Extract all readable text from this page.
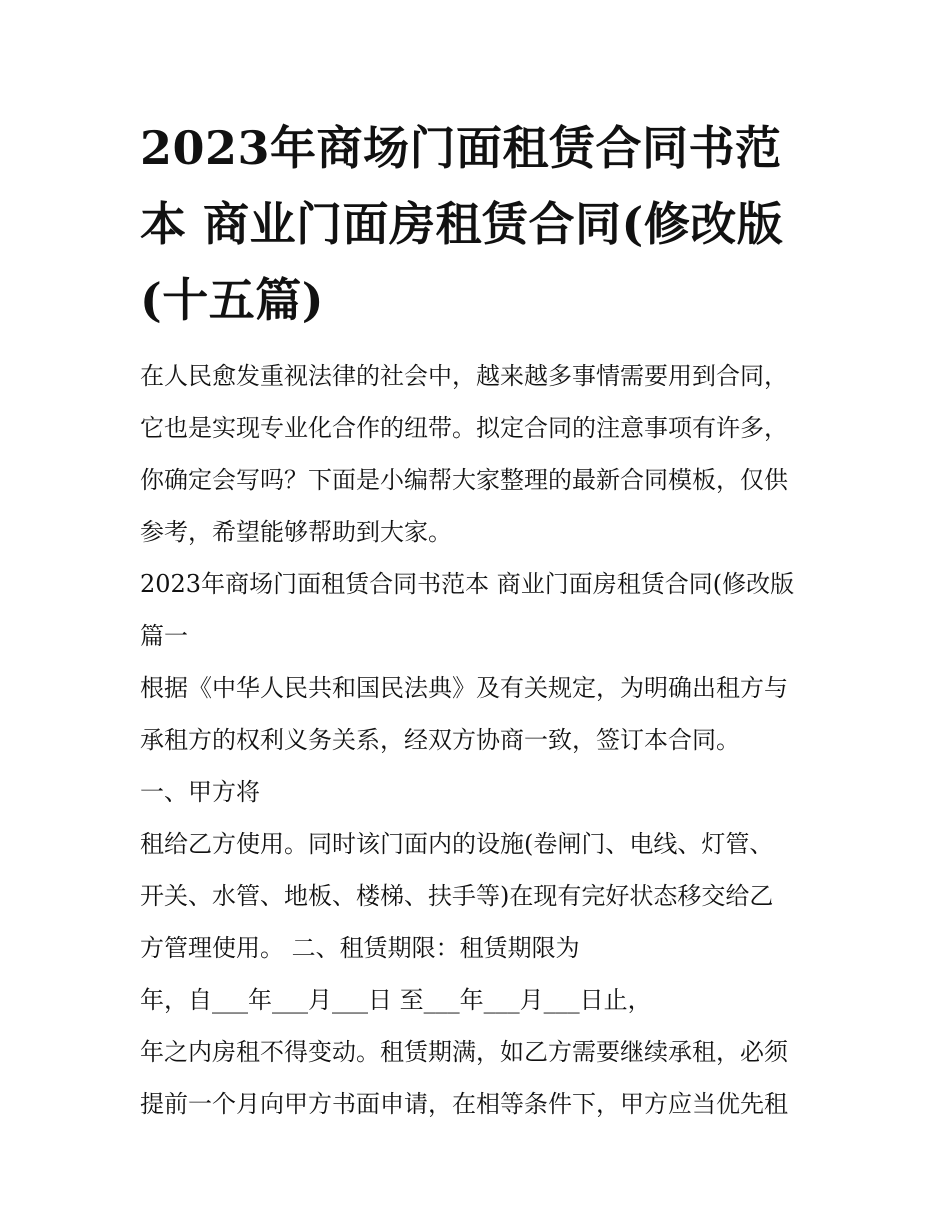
2023年商场门面租赁合同书范本 商业门面房租赁合同(修改版(十五篇)

在人民愈发重视法律的社会中，越来越多事情需要用到合同，

它也是实现专业化合作的纽带。拟定合同的注意事项有许多，

你确定会写吗？下面是小编帮大家整理的最新合同模板，仅供

参考，希望能够帮助到大家。

2023年商场门面租赁合同书范本 商业门面房租赁合同(修改版

篇一

根据《中华人民共和国民法典》及有关规定，为明确出租方与

承租方的权利义务关系，经双方协商一致，签订本合同。

一、甲方将

租给乙方使用。同时该门面内的设施(卷闸门、电线、灯管、

开关、水管、地板、楼梯、扶手等)在现有完好状态移交给乙

方管理使用。 二、租赁期限：租赁期限为

年，自___年___月___日 至___年___月___日止，

年之内房租不得变动。租赁期满，如乙方需要继续承租，必须

提前一个月向甲方书面申请，在相等条件下，甲方应当优先租
